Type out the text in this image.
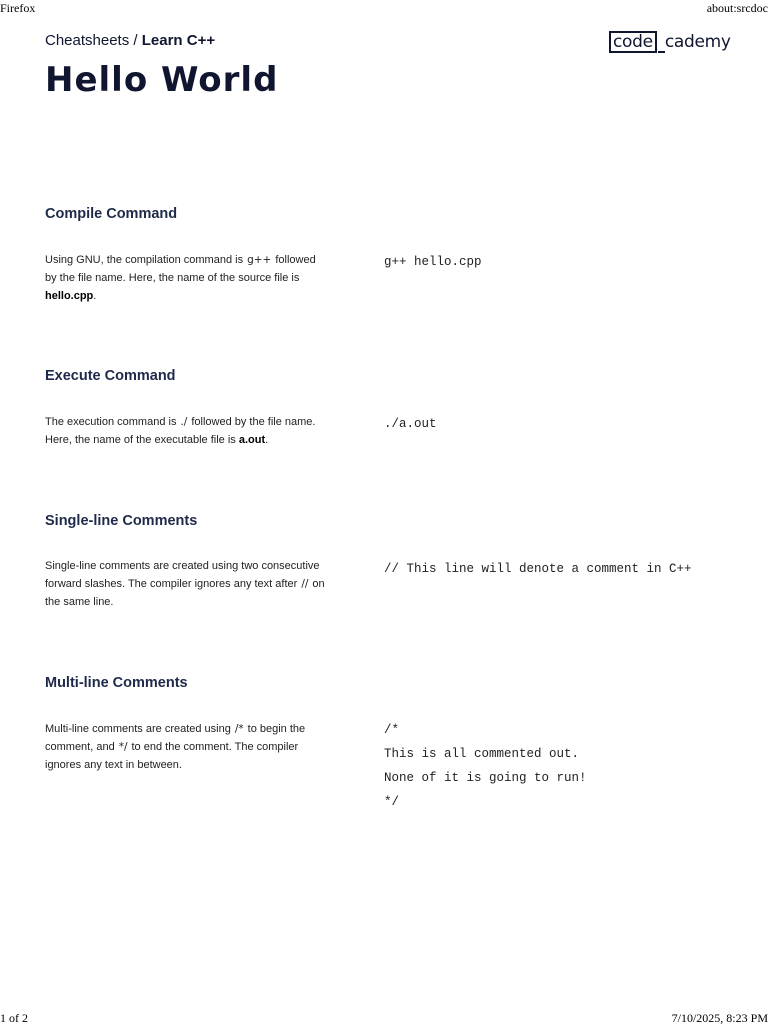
Firefox	about:srcdoc
1 of 2	7/10/2025, 8:23 PM
Cheatsheets / Learn C++	code cademy
Hello World
Compile Command

Using GNU, the compilation command is g++ followed by the file name. Here, the name of the source file is hello.cpp.

g++ hello.cpp
Execute Command

The execution command is ./ followed by the file name. Here, the name of the executable file is a.out.

./a.out
Single-line Comments

Single-line comments are created using two consecutive forward slashes. The compiler ignores any text after // on the same line.

// This line will denote a comment in C++
Multi-line Comments

Multi-line comments are created using /* to begin the comment, and */ to end the comment. The compiler ignores any text in between.

/*
This is all commented out.
None of it is going to run!
*/
